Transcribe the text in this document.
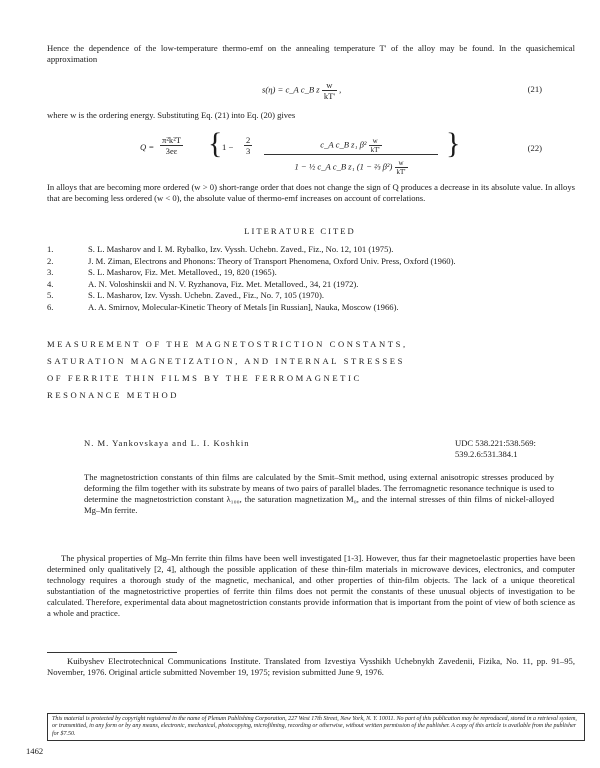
Hence the dependence of the low-temperature thermo-emf on the annealing temperature T' of the alloy may be found. In the quasichemical approximation

s(η) = c_A c_B z $\frac{w}{kT'}$ ,	(21)

where w is the ordering energy. Substituting Eq. (21) into Eq. (20) gives

$Q = \frac{\text{π²k²T}}{3e\varepsilon}$ { $1 - \frac{2}{3}$	c_A c_B z₁ $\beta^2 \frac{w}{kT'}$
1 − ½ c_A c_B z₁ (1 − ⅔ $\beta^2) \frac{w}{kT'}$
}	(22)

In alloys that are becoming more ordered (w > 0) short-range order that does not change the sign of Q produces a decrease in its absolute value. In alloys that are becoming less ordered (w < 0), the absolute value of thermo-emf increases on account of correlations.

LITERATURE CITED
1.	S. L. Masharov and I. M. Rybalko, Izv. Vyssh. Uchebn. Zaved., Fiz., No. 12, 101 (1975).
2.	J. M. Ziman, Electrons and Phonons: Theory of Transport Phenomena, Oxford Univ. Press, Oxford (1960).
3.	S. L. Masharov, Fiz. Met. Metalloved., 19, 820 (1965).
4.	A. N. Voloshinskii and N. V. Ryzhanova, Fiz. Met. Metalloved., 34, 21 (1972).
5.	S. L. Masharov, Izv. Vyssh. Uchebn. Zaved., Fiz., No. 7, 105 (1970).
6.	A. A. Smirnov, Molecular-Kinetic Theory of Metals [in Russian], Nauka, Moscow (1966).
MEASUREMENT OF THE MAGNETOSTRICTION CONSTANTS,
SATURATION MAGNETIZATION, AND INTERNAL STRESSES
OF FERRITE THIN FILMS BY THE FERROMAGNETIC
RESONANCE METHOD
N. M. Yankovskaya and L. I. Koshkin	UDC 538.221:538.569:
539.2.6:531.384.1

The magnetostriction constants of thin films are calculated by the Smit–Smit method, using external anisotropic stresses produced by deforming the film together with its substrate by means of two pairs of parallel blades. The ferromagnetic resonance technique is used to determine the magnetostriction constant λ₁₀₀, the saturation magnetization M₀, and the internal stresses of thin films of nickel-alloyed Mg–Mn ferrite.

The physical properties of Mg–Mn ferrite thin films have been well investigated [1-3]. However, thus far their magnetoelastic properties have been determined only qualitatively [2, 4], although the possible application of these thin-film materials in microwave devices, electronics, and computer technology requires a thorough study of the magnetic, mechanical, and other properties of thin-film objects. The lack of a unique theoretical substantiation of the magnetostrictive properties of ferrite thin films does not permit the constants of these unusual objects of investigation to be calculated. Therefore, experimental data about magnetostriction constants provide information that is important from the point of view of both science as a whole and practice.

Kuibyshev Electrotechnical Communications Institute. Translated from Izvestiya Vysshikh Uchebnykh Zavedenii, Fizika, No. 11, pp. 91–95, November, 1976. Original article submitted November 19, 1975; revision submitted June 9, 1976.

This material is protected by copyright registered in the name of Plenum Publishing Corporation, 227 West 17th Street, New York, N. Y. 10011. No part of this publication may be reproduced, stored in a retrieval system, or transmitted, in any form or by any means, electronic, mechanical, photocopying, microfilming, recording or otherwise, without written permission of the publisher. A copy of this article is available from the publisher for $7.50.
1462
